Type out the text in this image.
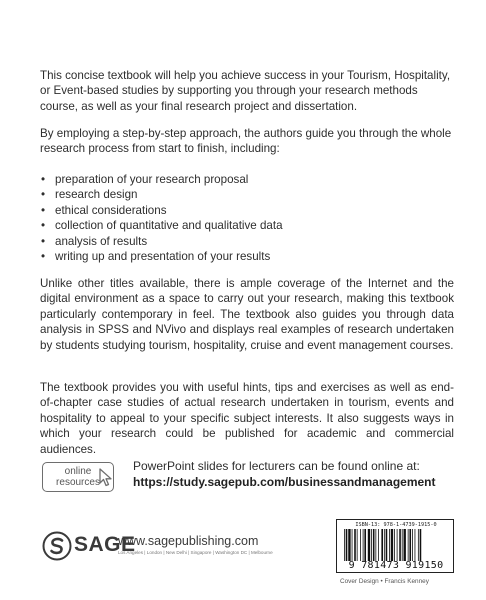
This concise textbook will help you achieve success in your Tourism, Hospitality, or Event-based studies by supporting you through your research methods course, as well as your final research project and dissertation.
By employing a step-by-step approach, the authors guide you through the whole research process from start to finish, including:
• preparation of your research proposal
• research design
• ethical considerations
• collection of quantitative and qualitative data
• analysis of results
• writing up and presentation of your results
Unlike other titles available, there is ample coverage of the Internet and the digital environment as a space to carry out your research, making this textbook particularly contemporary in feel. The textbook also guides you through data analysis in SPSS and NVivo and displays real examples of research undertaken by students studying tourism, hospitality, cruise and event management courses.
The textbook provides you with useful hints, tips and exercises as well as end-of-chapter case studies of actual research undertaken in tourism, events and hospitality to appeal to your specific subject interests. It also suggests ways in which your research could be published for academic and commercial audiences.
online
resources
PowerPoint slides for lecturers can be found online at:
https://study.sagepub.com/businessandmanagement
SAGE
www.sagepublishing.com
Los Angeles | London | New Delhi | Singapore | Washington DC | Melbourne
ISBN-13: 978-1-4739-1915-0
9 781473 919150
Cover Design • Francis Kenney
